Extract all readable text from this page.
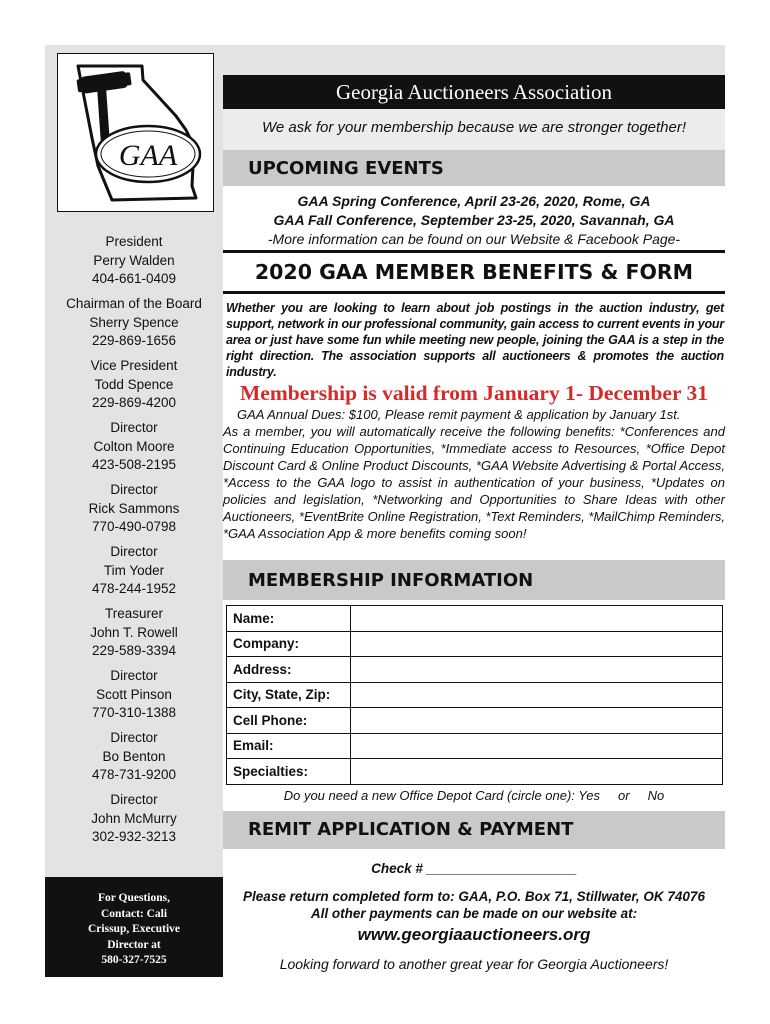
GAA
President
Perry Walden
404-661-0409
Chairman of the Board
Sherry Spence
229-869-1656
Vice President
Todd Spence
229-869-4200
Director
Colton Moore
423-508-2195
Director
Rick Sammons
770-490-0798
Director
Tim Yoder
478-244-1952
Treasurer
John T. Rowell
229-589-3394
Director
Scott Pinson
770-310-1388
Director
Bo Benton
478-731-9200
Director
John McMurry
302-932-3213
For Questions,
Contact: Cali
Crissup, Executive
Director at
580-327-7525
Georgia Auctioneers Association
We ask for your membership because we are stronger together!
UPCOMING EVENTS
GAA Spring Conference, April 23-26, 2020, Rome, GA
GAA Fall Conference, September 23-25, 2020, Savannah, GA
-More information can be found on our Website & Facebook Page-
2020 GAA MEMBER BENEFITS & FORM
Whether you are looking to learn about job postings in the auction industry, get support, network in our professional community, gain access to current events in your area or just have some fun while meeting new people, joining the GAA is a step in the right direction. The association supports all auctioneers & promotes the auction industry.
Membership is valid from January 1- December 31
GAA Annual Dues: $100, Please remit payment & application by January 1st.
As a member, you will automatically receive the following benefits: *Conferences and Continuing Education Opportunities, *Immediate access to Resources, *Office Depot Discount Card & Online Product Discounts, *GAA Website Advertising & Portal Access, *Access to the GAA logo to assist in authentication of your business, *Updates on policies and legislation, *Networking and Opportunities to Share Ideas with other Auctioneers, *EventBrite Online Registration, *Text Reminders, *MailChimp Reminders, *GAA Association App & more benefits coming soon!
MEMBERSHIP INFORMATION
Name:	
Company:	
Address:	
City, State, Zip:	
Cell Phone:	
Email:	
Specialties:	
Do you need a new Office Depot Card (circle one): Yes     or     No
REMIT APPLICATION & PAYMENT
Check # ____________________
Please return completed form to: GAA, P.O. Box 71, Stillwater, OK 74076
All other payments can be made on our website at:
www.georgiaauctioneers.org
Looking forward to another great year for Georgia Auctioneers!
